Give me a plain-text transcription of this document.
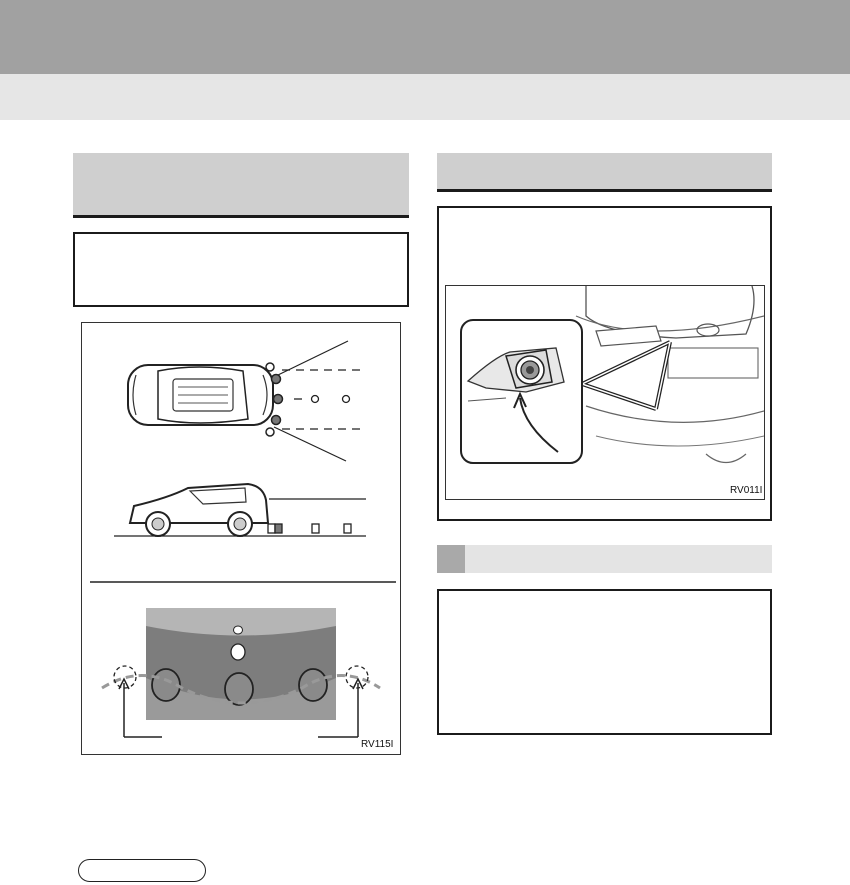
RV115I
RV011I
